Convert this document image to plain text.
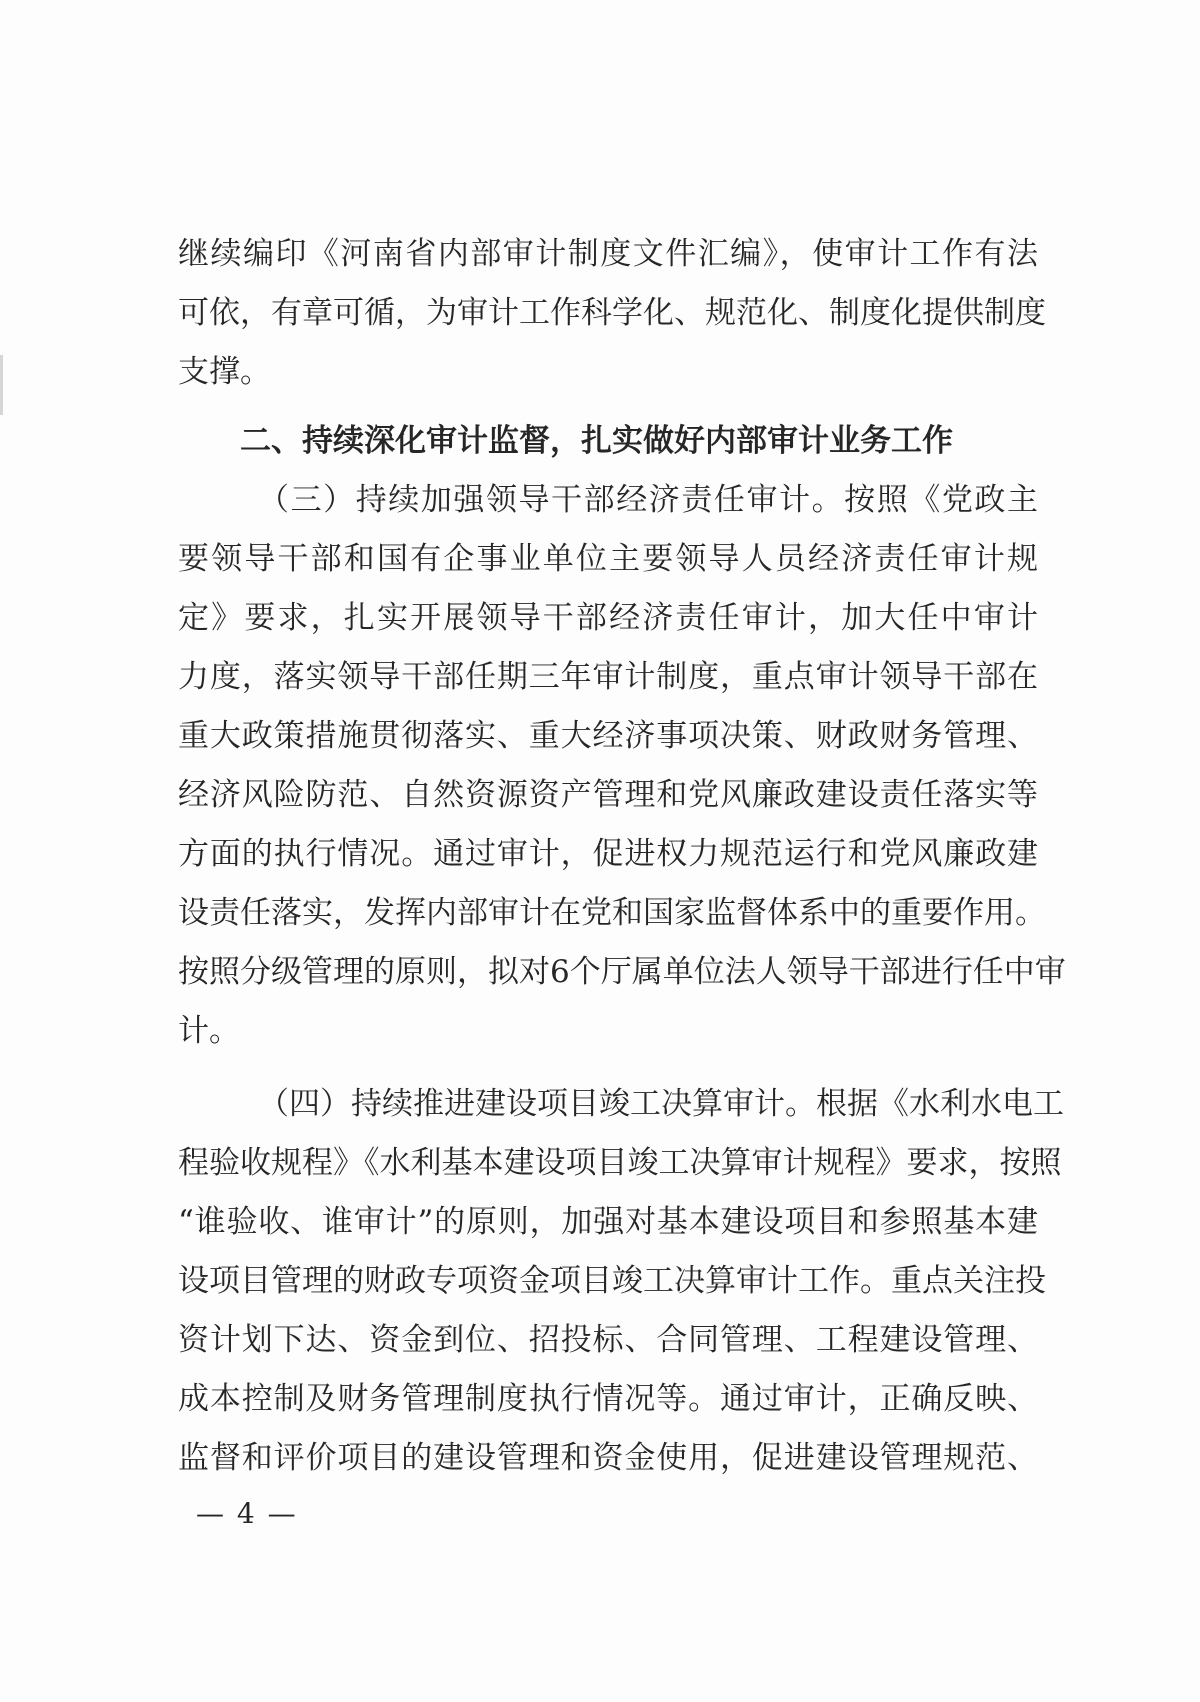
继续编印《河南省内部审计制度文件汇编》，使审计工作有法
可依，有章可循，为审计工作科学化、规范化、制度化提供制度
支撑。
二、持续深化审计监督，扎实做好内部审计业务工作
（三）持续加强领导干部经济责任审计。按照《党政主
要领导干部和国有企事业单位主要领导人员经济责任审计规
定》要求，扎实开展领导干部经济责任审计，加大任中审计
力度，落实领导干部任期三年审计制度，重点审计领导干部在
重大政策措施贯彻落实、重大经济事项决策、财政财务管理、
经济风险防范、自然资源资产管理和党风廉政建设责任落实等
方面的执行情况。通过审计，促进权力规范运行和党风廉政建
设责任落实，发挥内部审计在党和国家监督体系中的重要作用。
按照分级管理的原则，拟对6个厅属单位法人领导干部进行任中审
计。
（四）持续推进建设项目竣工决算审计。根据《水利水电工
程验收规程》《水利基本建设项目竣工决算审计规程》要求，按照
“谁验收、谁审计”的原则，加强对基本建设项目和参照基本建
设项目管理的财政专项资金项目竣工决算审计工作。重点关注投
资计划下达、资金到位、招投标、合同管理、工程建设管理、
成本控制及财务管理制度执行情况等。通过审计，正确反映、
监督和评价项目的建设管理和资金使用，促进建设管理规范、
— 4 —
